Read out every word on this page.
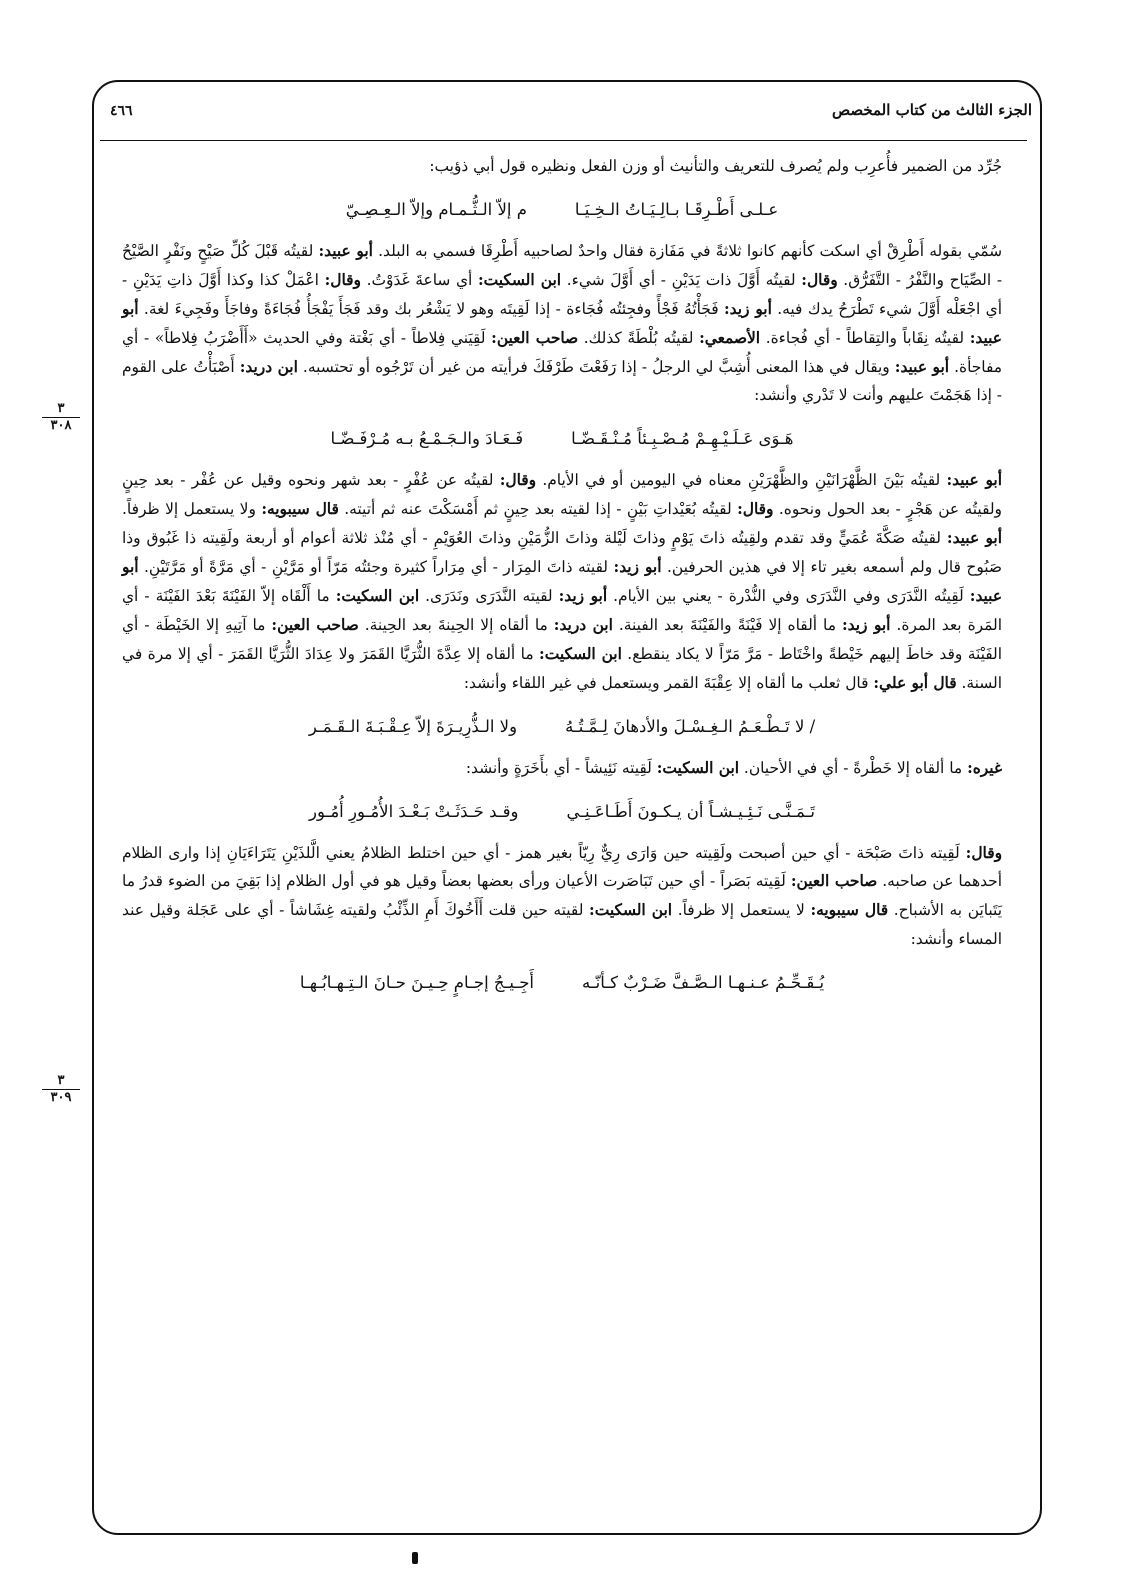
الجزء الثالث من كتاب المخصص
٤٦٦

جُرِّد من الضمير فأُعرِب ولم يُصرف للتعريف والتأنيث أو وزن الفعل ونظيره قول أبي ذؤيب:

عـلـى أَطْـرِقَـا بـالِـيَـاتُ الـخِـيَـا
م إلاّ الـثُّـمـام وإلاّ الـعِـصِـيّ

سُمّي بقوله أَطْرِقْ أي اسكت كأنهم كانوا ثلاثةً في مَفَازة فقال واحدٌ لصاحبيه أَطْرِقَا فسمي به البلد. أبو عبيد: لقيتُه قَبْلَ كُلِّ صَيْحٍ ونَفْرٍ الصَّيْحُ - الصِّيَاح والنَّفْرُ - التَّفَرُّق. وقال: لقيتُه أَوَّلَ ذات يَدَيْنِ - أي أَوَّلَ شيء. ابن السكيت: أي ساعةَ غَدَوْتُ. وقال: اعْمَلْ كذا وكذا أَوَّلَ ذاتِ يَدَيْنِ - أي اجْعَلْه أَوَّلَ شيء تَطْرَحُ يدك فيه. أبو زيد: فَجَأْتُهُ فَجْأً وفجِئتُه فُجَاءة - إذا لَقِيتَه وهو لا يَشْعُر بك وقد فَجَأَ يَفْجَأُ فُجَاءَةً وفاجَأَ وفَجِيءَ لغة. أبو عبيد: لقيتُه نِقَاباً والتِقاطاً - أي فُجاءة. الأصمعي: لقيتُه بُلْطَةً كذلك. صاحب العين: لَقِيَني فِلاطاً - أي بَغْتة وفي الحديث «أَأَضْرَبُ فِلاطاً» - أي مفاجأة. أبو عبيد: ويقال في هذا المعنى أُشِبَّ لي الرجلُ - إذا رَفَعْتَ طَرْفَكَ فرأيته من غير أن تَرْجُوه أو تحتسبه. ابن دريد: أَصْبَأْتُ على القوم - إذا هَجَمْتَ عليهم وأنت لا تَدْري وأنشد:

هَـوَى عَـلَـيْـهِـمْ مُـصْـبِـئاً مُـنْـقَـضّـا
فَـعَـادَ والـجَـمْـعُ بـه مُـرْفَـضّـا

أبو عبيد: لقيتُه بَيْنَ الظَّهْرَانَيْنِ والظَّهْرَيْنِ معناه في اليومين أو في الأيام. وقال: لقيتُه عن عُفْرٍ - بعد شهر ونحوه وقيل عن عُفْر - بعد حِينٍ ولقيتُه عن هَجْرٍ - بعد الحول ونحوه. وقال: لقيتُه بُعَيْداتِ بَيْنٍ - إذا لقيته بعد حِينٍ ثم أَمْسَكْتَ عنه ثم أتيته. قال سيبويه: ولا يستعمل إلا ظرفاً. أبو عبيد: لقيتُه صَكَّةَ عُمَيٍّ وقد تقدم ولقِيتُه ذاتَ يَوْمٍ وذاتَ لَيْلة وذاتَ الزُّمَيْنِ وذاتَ العُوَيْمِ - أي مُنْذ ثلاثة أعوام أو أربعة ولَقِيته ذا غَبُوق وذا صَبُوح قال ولم أسمعه بغير تاء إلا في هذين الحرفين. أبو زيد: لقيته ذاتَ المِرَار - أي مِرَاراً كثيرة وجئتُه مَرّاً أو مَرَّيْنِ - أي مَرَّةً أو مَرَّتَيْنِ. أبو عبيد: لَقِيتُه النَّدَرَى وفي النَّدَرَى وفي النُّدْرة - يعني بين الأيام. أبو زيد: لقيته النَّدَرَى ونَدَرَى. ابن السكيت: ما أَلْقَاه إلاّ الفَيْنَةَ بَعْدَ الفَيْنَة - أي المَرة بعد المرة. أبو زيد: ما ألقاه إلا فَيْنَةً والفَيْنَةَ بعد الفينة. ابن دريد: ما ألقاه إلا الحِينةَ بعد الحِينة. صاحب العين: ما آتِيهِ إلا الخَيْطَة - أي الفَيْنَة وقد خاطَ إليهم خَيْطةً واخْتَاط - مَرَّ مَرّاً لا يكاد ينقطع. ابن السكيت: ما ألقاه إلا عِدَّةَ الثُّرَيَّا القَمَرَ ولا عِدَادَ الثُّرَيَّا القَمَرَ - أي إلا مرة في السنة. قال أبو علي: قال ثعلب ما ألقاه إلا عِقْبَةَ القمر ويستعمل في غير اللقاء وأنشد:

/ لا تَـطْـعَـمُ الـغِـسْـلَ والأدهانَ لِـمَّـتُـهُ
ولا الـذُّرِيـرَةَ إلاّ عِـقْـبَـةَ الـقَـمَـر

غيره: ما ألقاه إلا خَطْرةً - أي في الأحيان. ابن السكيت: لَقِيته نَئِيشاً - أي بأَخَرَةٍ وأنشد:

تَـمَـنَّـى نَـئِـيـشـاً أن يـكـونَ أَطَـاعَـنِـي
وقـد حَـدَثَـتْ بَـعْـدَ الأُمُـورِ أُمُـور

وقال: لَقِيته ذاتَ صَبْحَة - أي حين أصبحت ولَقِيته حين وَارَى رِيٌّ رِيّاً بغير همز - أي حين اختلط الظلامُ يعني الَّلذَيْنِ يَتَرَاءَيَانِ إذا وارى الظلام أحدهما عن صاحبه. صاحب العين: لَقِيته بَصَراً - أي حين تَبَاصَرت الأعيان ورأى بعضها بعضاً وقيل هو في أول الظلام إذا بَقِيَ من الضوء قدرُ ما يَتَبايَن به الأشباح. قال سيبويه: لا يستعمل إلا ظرفاً. ابن السكيت: لقيته حين قلت أَأَخُوكَ أَمِ الذِّئْبُ ولقيته غِشَاشاً - أي على عَجَلة وقيل عند المساء وأنشد:

يُـقَـحِّـمُ عـنـهـا الـصَّـفَّ ضَـرْبٌ كـأنّـه
أَجِـيـجُ إجـامٍ حِـيـنَ حـانَ الـتِـهـابُـهـا
٣
٣٠٨
٣
٣٠٩
